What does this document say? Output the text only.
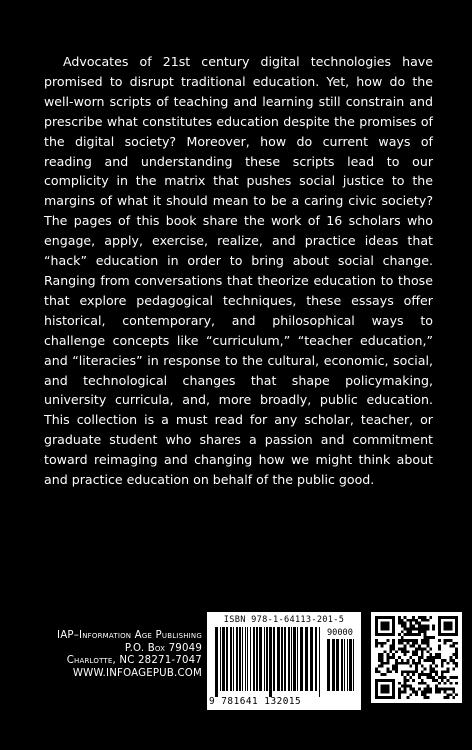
Advocates of 21st century digital technologies have promised to disrupt traditional education. Yet, how do the well-worn scripts of teaching and learning still constrain and prescribe what constitutes education despite the promises of the digital society? Moreover, how do current ways of reading and understanding these scripts lead to our complicity in the matrix that pushes social justice to the margins of what it should mean to be a caring civic society? The pages of this book share the work of 16 scholars who engage, apply, exercise, realize, and practice ideas that “hack” education in order to bring about social change. Ranging from conversations that theorize education to those that explore pedagogical techniques, these essays offer historical, contemporary, and philosophical ways to challenge concepts like “curriculum,” “teacher education,” and “literacies” in response to the cultural, economic, social, and technological changes that shape policymaking, university curricula, and, more broadly, public education. This collection is a must read for any scholar, teacher, or graduate student who shares a passion and commitment toward reimaging and changing how we might think about and practice education on behalf of the public good.

IAP–Information Age Publishing
P.O. Box 79049
Charlotte, NC 28271-7047
WWW.INFOAGEPUB.COM
ISBN 978-1-64113-201-5
90000
9 781641 132015
